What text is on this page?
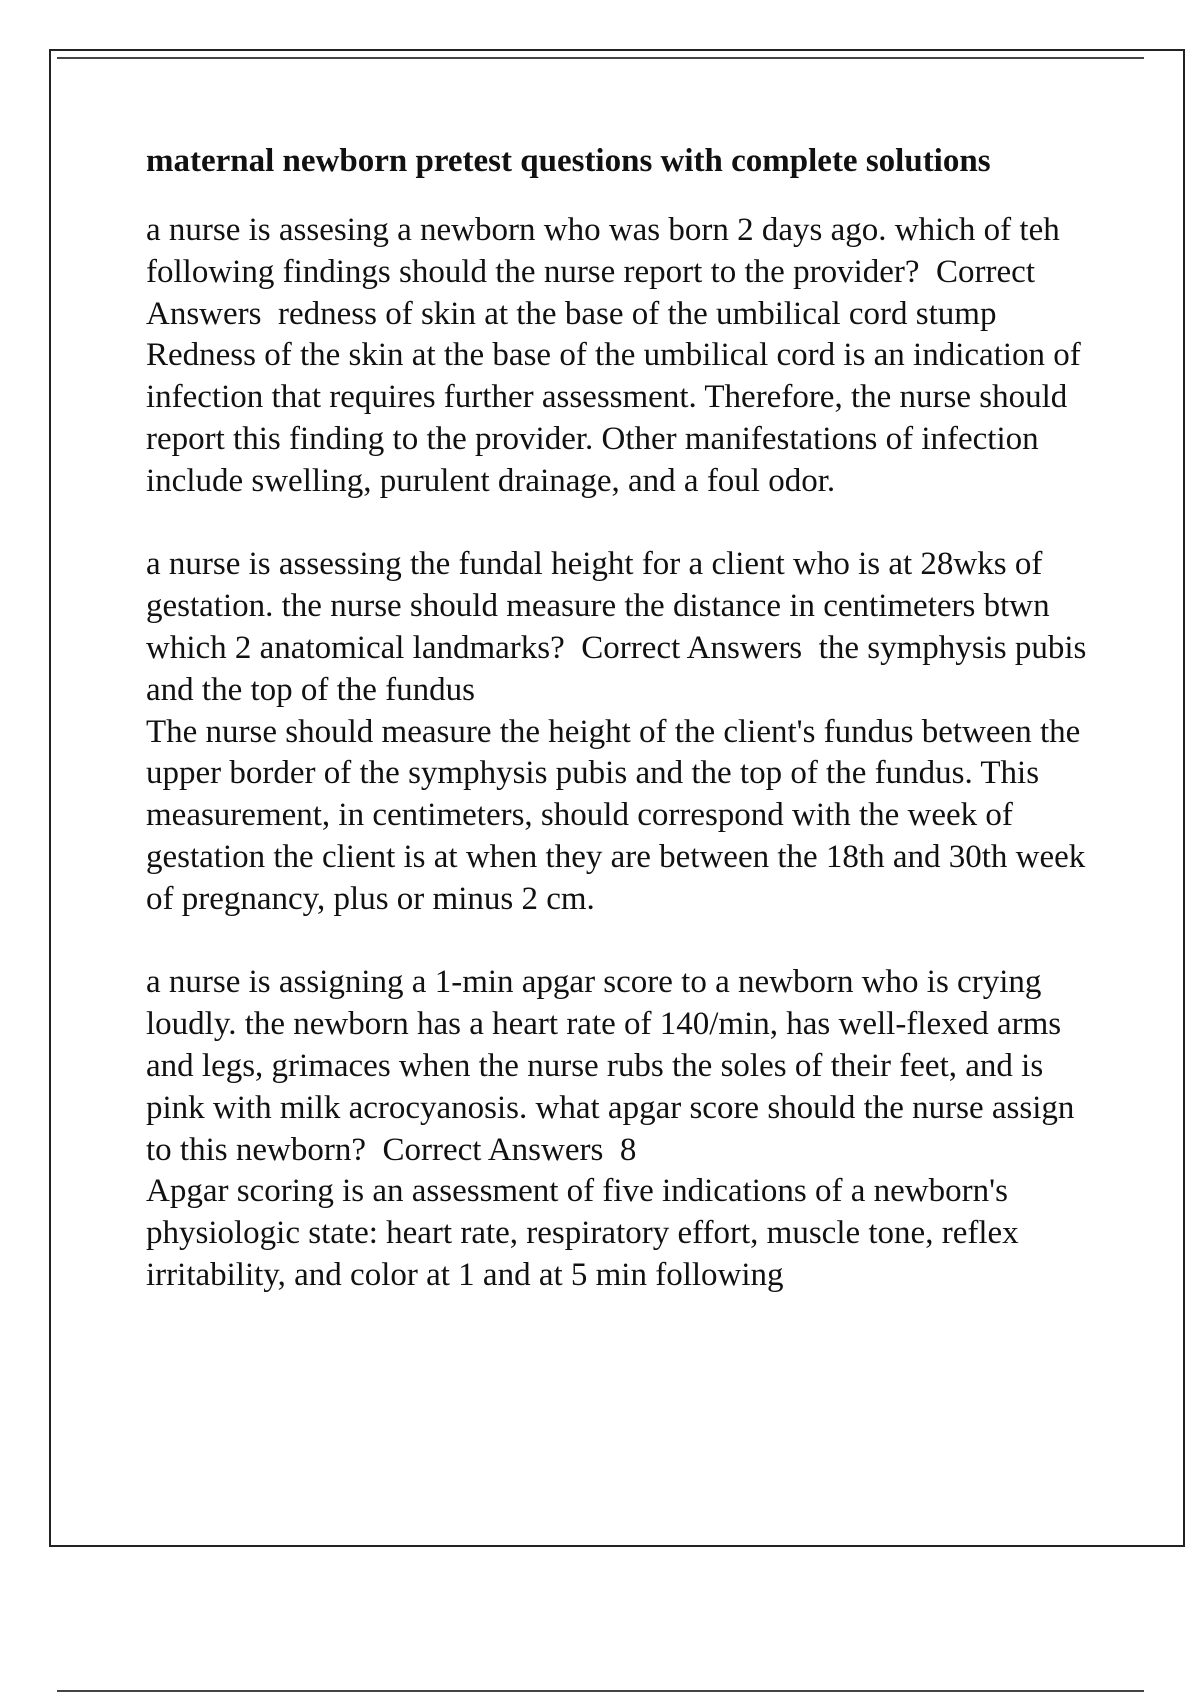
maternal newborn pretest questions with complete solutions

a nurse is assesing a newborn who was born 2 days ago. which of teh following findings should the nurse report to the provider? Correct Answers redness of skin at the base of the umbilical cord stump

Redness of the skin at the base of the umbilical cord is an indication of infection that requires further assessment. Therefore, the nurse should report this finding to the provider. Other manifestations of infection include swelling, purulent drainage, and a foul odor.

a nurse is assessing the fundal height for a client who is at 28wks of gestation. the nurse should measure the distance in centimeters btwn which 2 anatomical landmarks? Correct Answers the symphysis pubis and the top of the fundus

The nurse should measure the height of the client's fundus between the upper border of the symphysis pubis and the top of the fundus. This measurement, in centimeters, should correspond with the week of gestation the client is at when they are between the 18th and 30th week of pregnancy, plus or minus 2 cm.

a nurse is assigning a 1-min apgar score to a newborn who is crying loudly. the newborn has a heart rate of 140/min, has well-flexed arms and legs, grimaces when the nurse rubs the soles of their feet, and is pink with milk acrocyanosis. what apgar score should the nurse assign to this newborn? Correct Answers 8

Apgar scoring is an assessment of five indications of a newborn's physiologic state: heart rate, respiratory effort, muscle tone, reflex irritability, and color at 1 and at 5 min following
